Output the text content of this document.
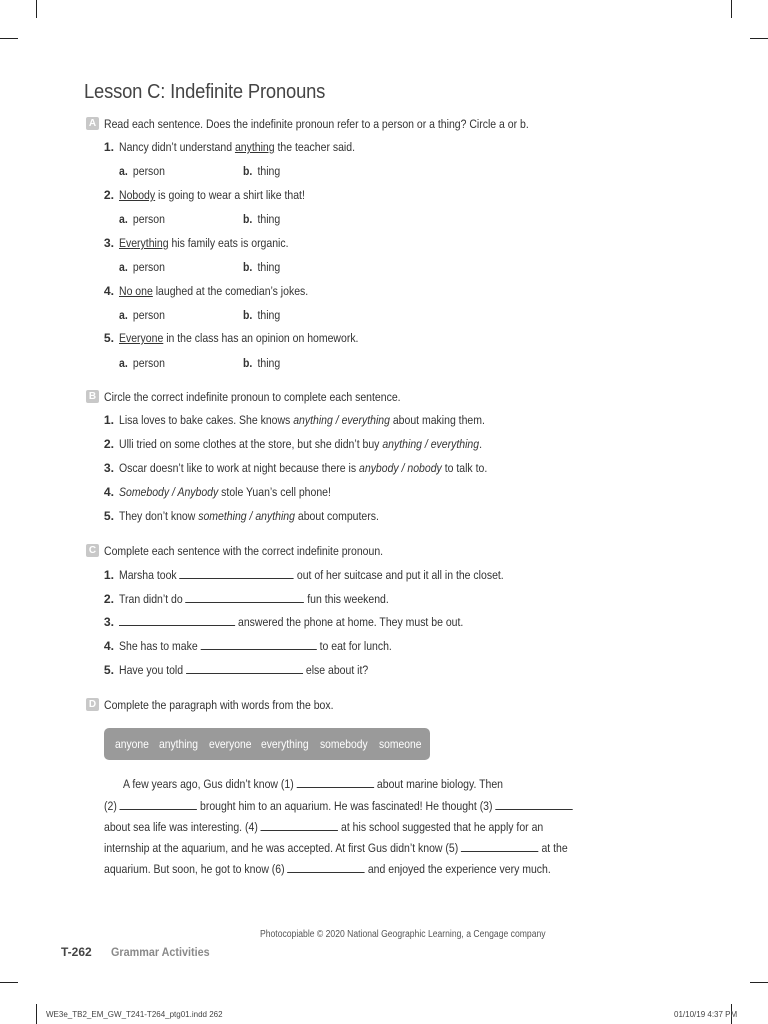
Lesson C: Indefinite Pronouns
A Read each sentence. Does the indefinite pronoun refer to a person or a thing? Circle a or b.
1. Nancy didn’t understand anything the teacher said.
a. person	b. thing
2. Nobody is going to wear a shirt like that!
a. person	b. thing
3. Everything his family eats is organic.
a. person	b. thing
4. No one laughed at the comedian’s jokes.
a. person	b. thing
5. Everyone in the class has an opinion on homework.
a. person	b. thing
B Circle the correct indefinite pronoun to complete each sentence.
1. Lisa loves to bake cakes. She knows anything / everything about making them.
2. Ulli tried on some clothes at the store, but she didn’t buy anything / everything.
3. Oscar doesn’t like to work at night because there is anybody / nobody to talk to.
4. Somebody / Anybody stole Yuan’s cell phone!
5. They don’t know something / anything about computers.
C Complete each sentence with the correct indefinite pronoun.
1. Marsha took	out of her suitcase and put it all in the closet.
2. Tran didn’t do	fun this weekend.
3.	answered the phone at home. They must be out.
4. She has to make	to eat for lunch.
5. Have you told	else about it?
D Complete the paragraph with words from the box.
anyone anything everyone everything somebody someone
A few years ago, Gus didn’t know (1)	about marine biology. Then
(2)	brought him to an aquarium. He was fascinated! He thought (3)
about sea life was interesting. (4)	at his school suggested that he apply for an
internship at the aquarium, and he was accepted. At first Gus didn’t know (5)	at the
aquarium. But soon, he got to know (6)	and enjoyed the experience very much.
Photocopiable © 2020 National Geographic Learning, a Cengage company
T-262 Grammar Activities
WE3e_TB2_EM_GW_T241-T264_ptg01.indd 262	01/10/19 4:37 PM
